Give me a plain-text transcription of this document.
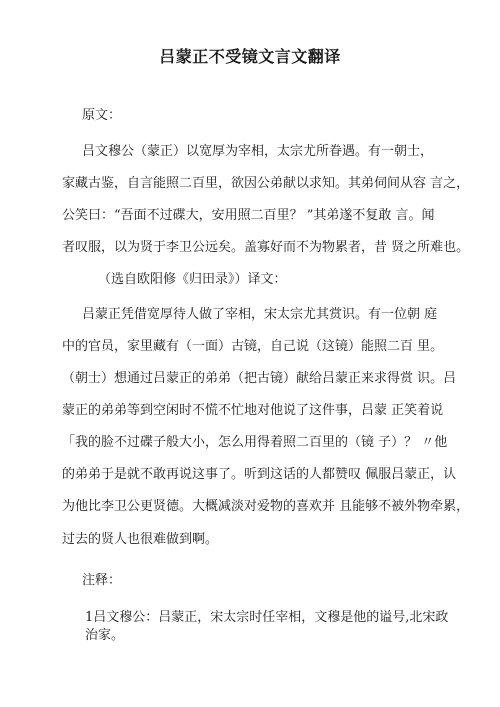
吕蒙正不受镜文言文翻译
原文：
吕文穆公（蒙正）以宽厚为宰相，太宗尤所眷遇。有一朝士，
家藏古鉴，自言能照二百里，欲因公弟献以求知。其弟伺间从容 言之，
公笑曰：“吾面不过碟大，安用照二百里？ ”其弟遂不复敢 言。闻
者叹服，以为贤于李卫公远矣。盖寡好而不为物累者，昔 贤之所难也。
（选自欧阳修《归田录》）译文：
吕蒙正凭借宽厚待人做了宰相，宋太宗尤其赏识。有一位朝 庭
中的官员，家里藏有（一面）古镜，自己说（这镜）能照二百 里。
（朝士）想通过吕蒙正的弟弟（把古镜）献给吕蒙正来求得赏 识。吕
蒙正的弟弟等到空闲时不慌不忙地对他说了这件事，吕蒙 正笑着说
「我的脸不过碟子般大小，怎么用得着照二百里的（镜 子）？ 〃他
的弟弟于是就不敢再说这事了。听到这话的人都赞叹 佩服吕蒙正，认
为他比李卫公更贤德。大概减淡对爱物的喜欢并 且能够不被外物牵累，
过去的贤人也很难做到啊。
注释：
1吕文穆公：吕蒙正，宋太宗时任宰相，文穆是他的谥号,北宋政
治家。
